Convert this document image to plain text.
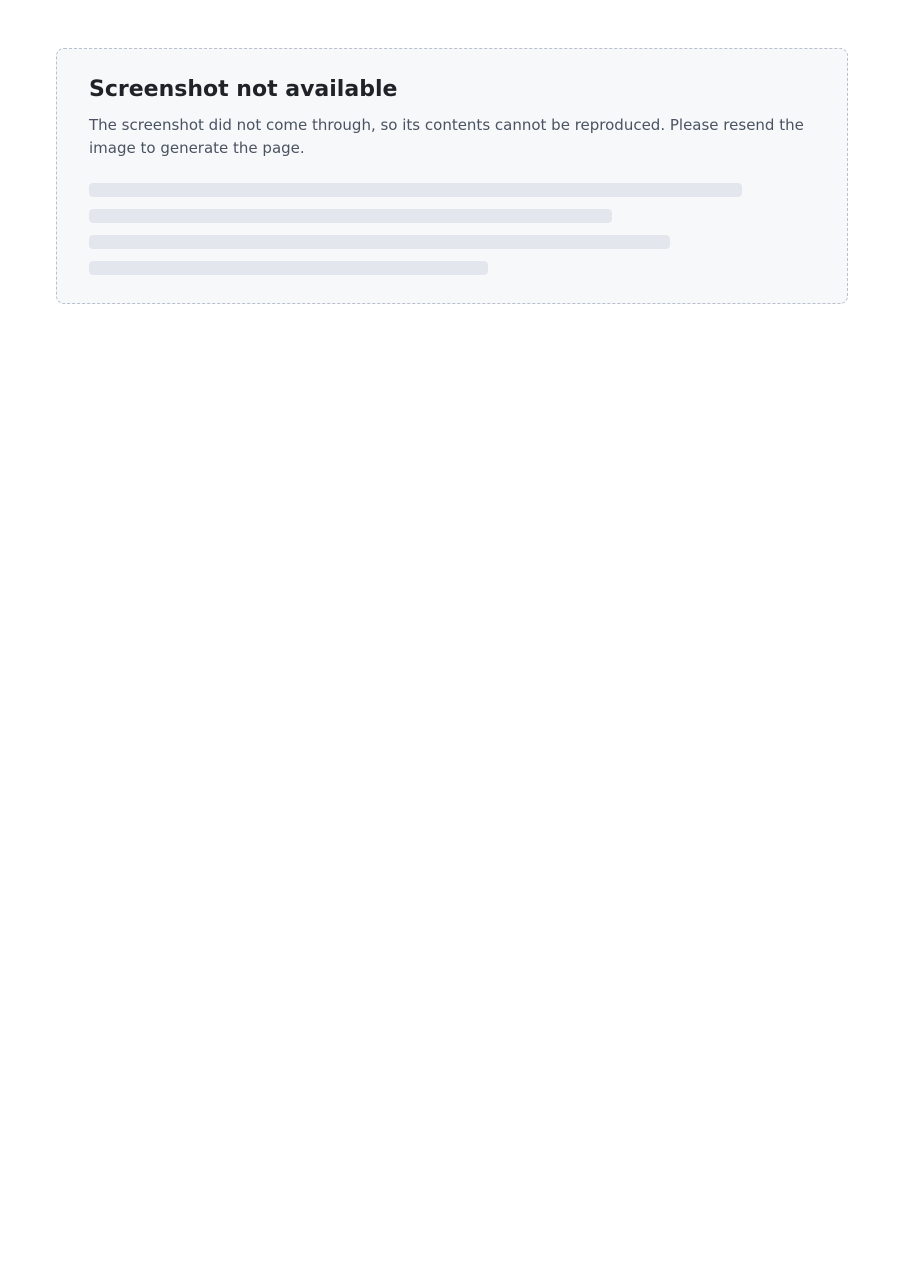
Screenshot not available

The screenshot did not come through, so its contents cannot be reproduced. Please resend the image to generate the page.
